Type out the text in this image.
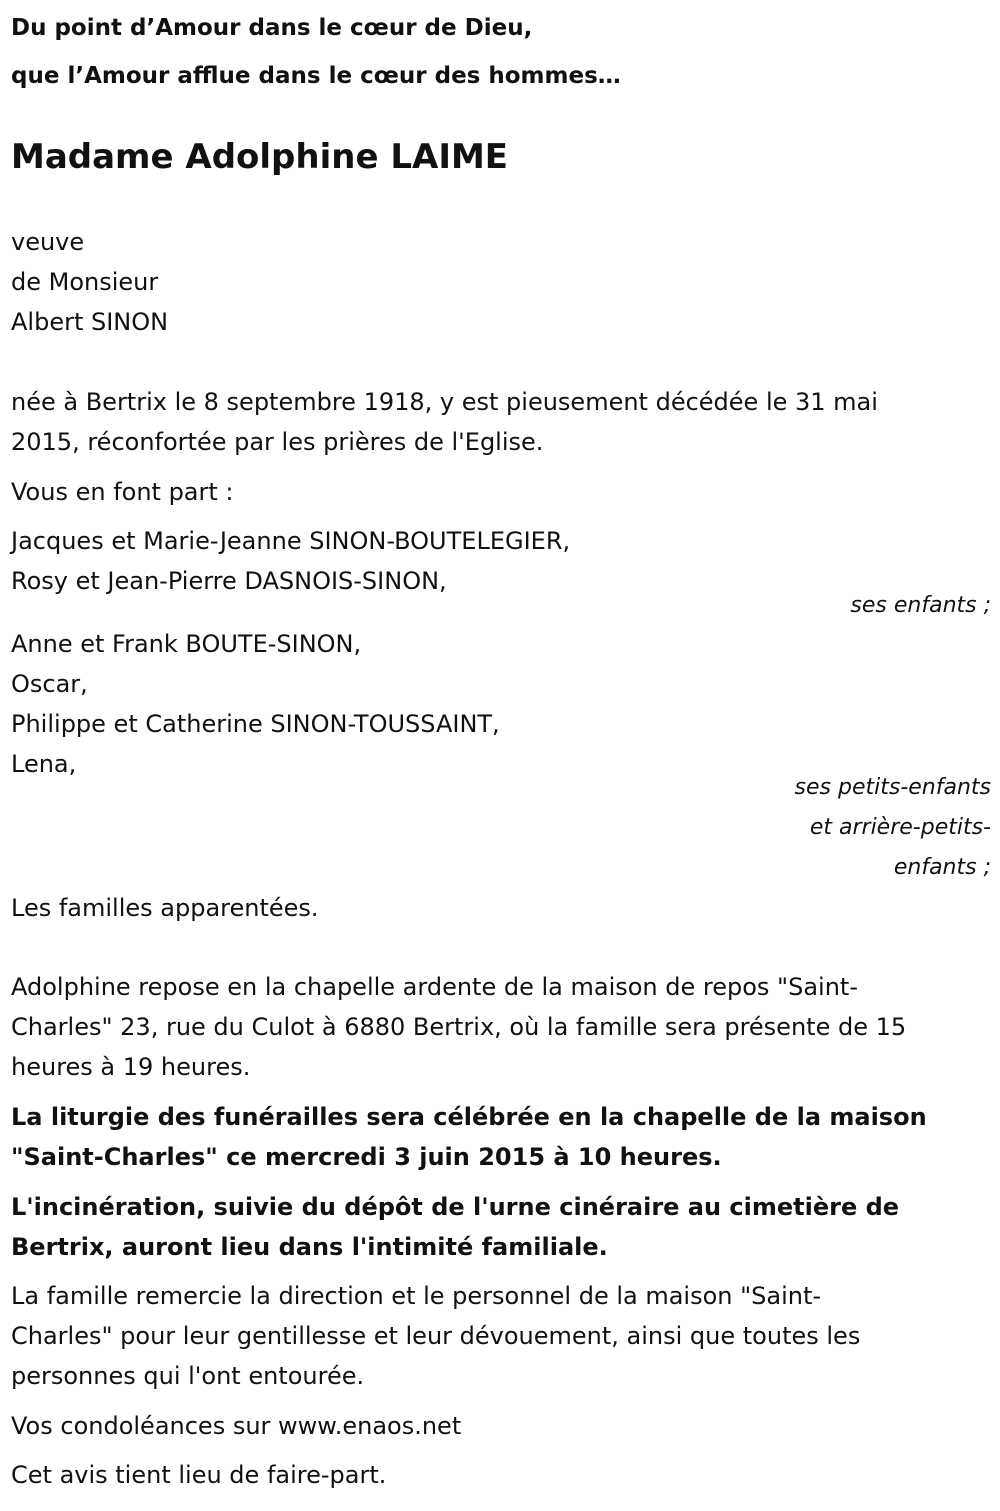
Du point d’Amour dans le cœur de Dieu,
que l’Amour afflue dans le cœur des hommes…
Madame Adolphine LAIME
veuve
de Monsieur
Albert SINON
née à Bertrix le 8 septembre 1918, y est pieusement décédée le 31 mai
2015, réconfortée par les prières de l'Eglise.
Vous en font part :
Jacques et Marie-Jeanne SINON-BOUTELEGIER,
Rosy et Jean-Pierre DASNOIS-SINON,
ses enfants ;
Anne et Frank BOUTE-SINON,
Oscar,
Philippe et Catherine SINON-TOUSSAINT,
Lena,
ses petits-enfants
et arrière-petits-
enfants ;
Les familles apparentées.
Adolphine repose en la chapelle ardente de la maison de repos "Saint-
Charles" 23, rue du Culot à 6880 Bertrix, où la famille sera présente de 15
heures à 19 heures.
La liturgie des funérailles sera célébrée en la chapelle de la maison
"Saint-Charles" ce mercredi 3 juin 2015 à 10 heures.
L'incinération, suivie du dépôt de l'urne cinéraire au cimetière de
Bertrix, auront lieu dans l'intimité familiale.
La famille remercie la direction et le personnel de la maison "Saint-
Charles" pour leur gentillesse et leur dévouement, ainsi que toutes les
personnes qui l'ont entourée.
Vos condoléances sur www.enaos.net
Cet avis tient lieu de faire-part.
